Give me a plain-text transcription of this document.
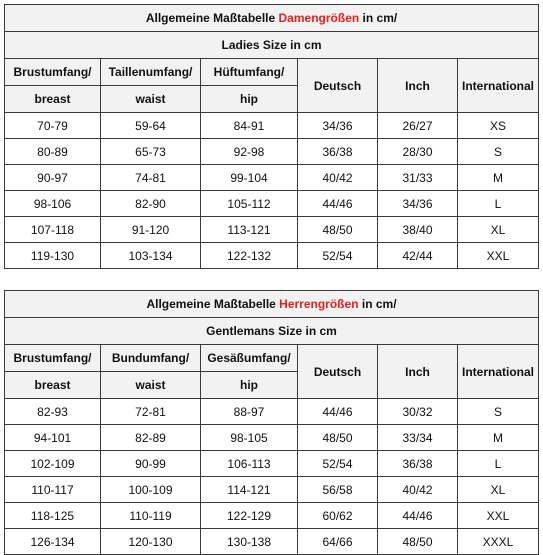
Allgemeine Maßtabelle Damengrößen in cm/					
Ladies Size in cm					
Brustumfang/	Taillenumfang/	Hüftumfang/	Deutsch	Inch	International
breast	waist	hip			
70-79	59-64	84-91	34/36	26/27	XS
80-89	65-73	92-98	36/38	28/30	S
90-97	74-81	99-104	40/42	31/33	M
98-106	82-90	105-112	44/46	34/36	L
107-118	91-120	113-121	48/50	38/40	XL
119-130	103-134	122-132	52/54	42/44	XXL
Allgemeine Maßtabelle Herrengrößen in cm/					
Gentlemans Size in cm					
Brustumfang/	Bundumfang/	Gesäßumfang/	Deutsch	Inch	International
breast	waist	hip			
82-93	72-81	88-97	44/46	30/32	S
94-101	82-89	98-105	48/50	33/34	M
102-109	90-99	106-113	52/54	36/38	L
110-117	100-109	114-121	56/58	40/42	XL
118-125	110-119	122-129	60/62	44/46	XXL
126-134	120-130	130-138	64/66	48/50	XXXL
